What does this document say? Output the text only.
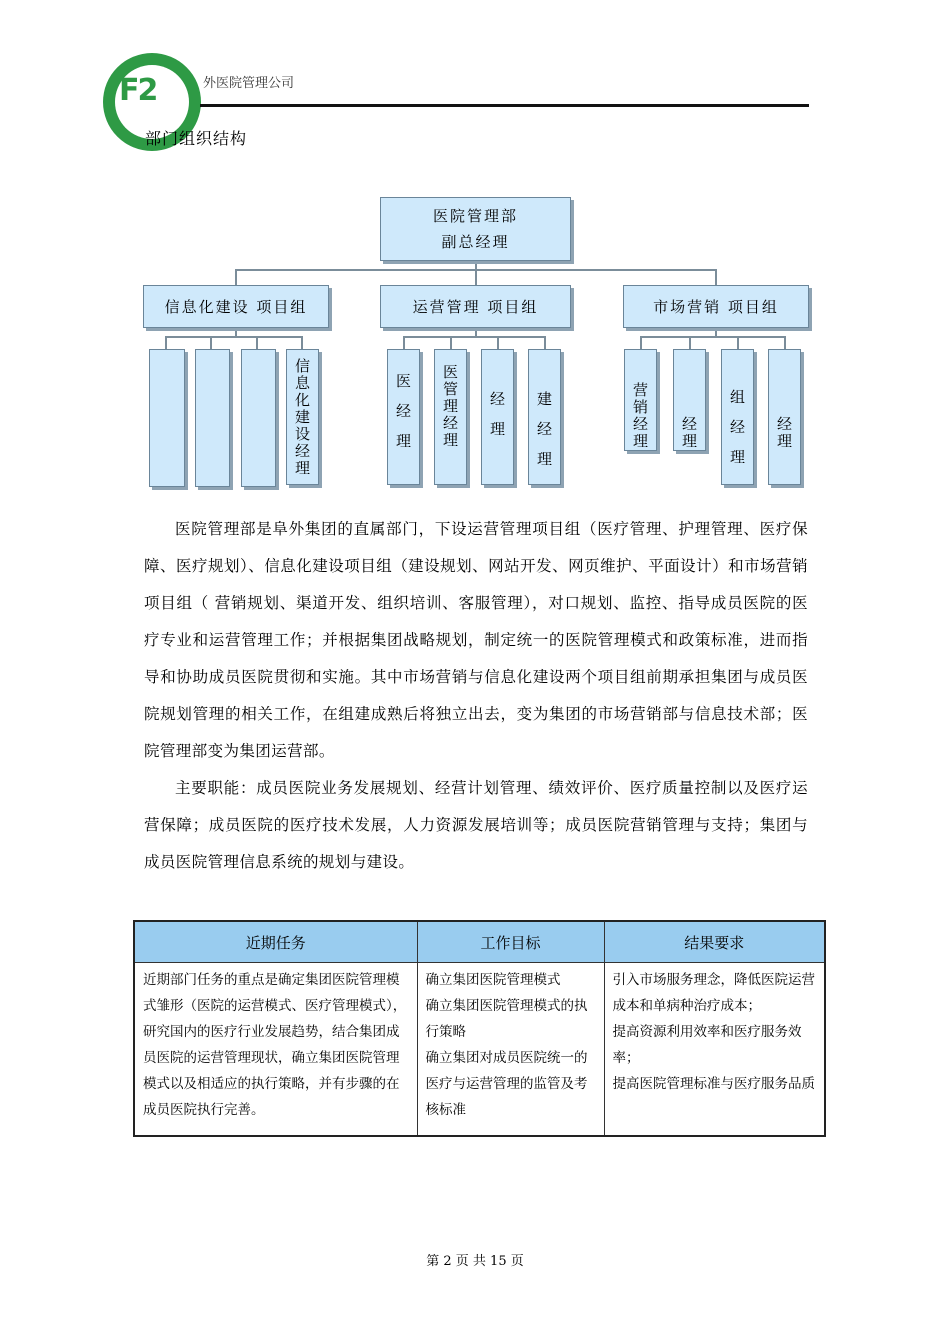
F2	外医院管理公司
部门组织结构
医院管理部
副总经理
信息化建设 项目组	运营管理 项目组	市场营销 项目组
信息化建设经理
医 经理
医 管理经理
经 理
建 经理
营销经理
经理
组 经理
经理
医院管理部是阜外集团的直属部门，下设运营管理项目组（医疗管理、护理管理、医疗保障、医疗规划）、信息化建设项目组（建设规划、网站开发、网页维护、平面设计）和市场营销项目组（ 营销规划、渠道开发、组织培训、客服管理），对口规划、监控、指导成员医院的医疗专业和运营管理工作；并根据集团战略规划，制定统一的医院管理模式和政策标准，进而指导和协助成员医院贯彻和实施。其中市场营销与信息化建设两个项目组前期承担集团与成员医院规划管理的相关工作，在组建成熟后将独立出去，变为集团的市场营销部与信息技术部；医院管理部变为集团运营部。
主要职能：成员医院业务发展规划、经营计划管理、绩效评价、医疗质量控制以及医疗运营保障；成员医院的医疗技术发展，人力资源发展培训等；成员医院营销管理与支持；集团与成员医院管理信息系统的规划与建设。
近期任务	工作目标	结果要求
近期部门任务的重点是确定集团医院管理模式雏形（医院的运营模式、医疗管理模式），研究国内的医疗行业发展趋势，结合集团成员医院的运营管理现状，确立集团医院管理模式以及相适应的执行策略，并有步骤的在成员医院执行完善。	确立集团医院管理模式
确立集团医院管理模式的执行策略
确立集团对成员医院统一的医疗与运营管理的监管及考核标准	引入市场服务理念，降低医院运营成本和单病种治疗成本；
提高资源利用效率和医疗服务效率；
提高医院管理标准与医疗服务品质
第 2 页 共 15 页
